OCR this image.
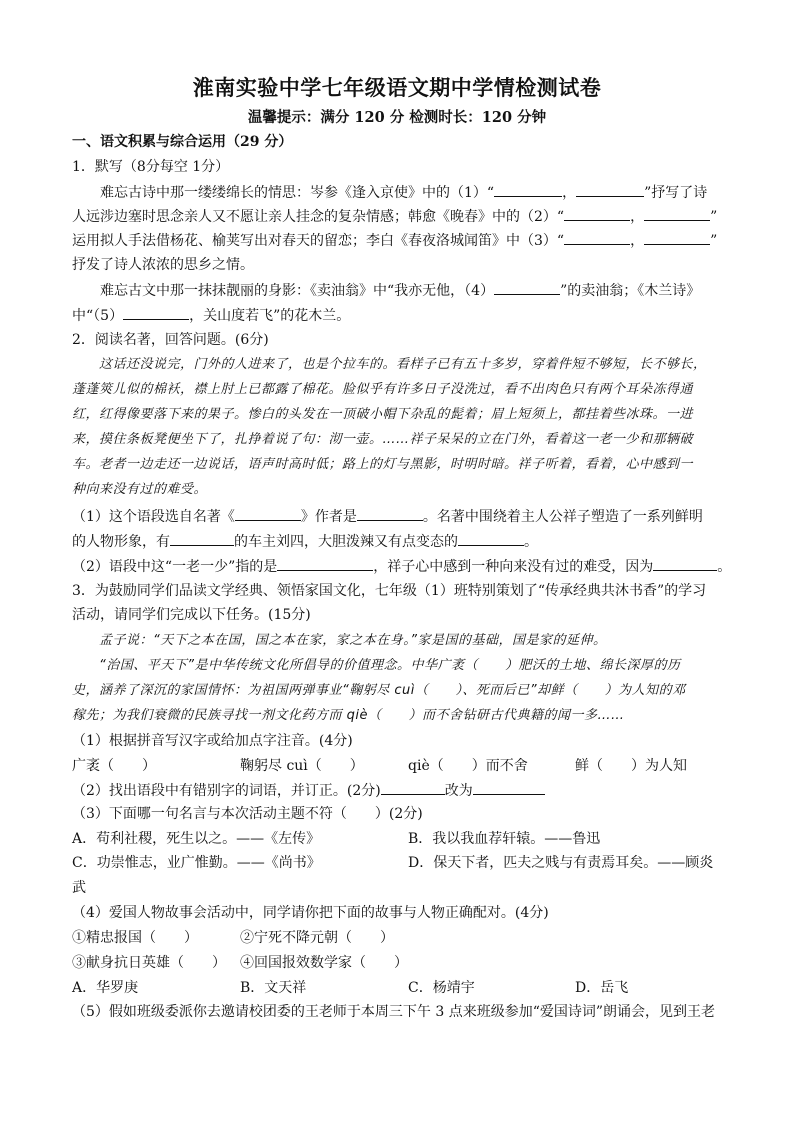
淮南实验中学七年级语文期中学情检测试卷
温馨提示：满分 120 分 检测时长：120 分钟
一、语文积累与综合运用（29 分）
1．默写（8分每空 1分）
　　难忘古诗中那一缕缕绵长的情思：岑参《逢入京使》中的（1）“	，	”抒写了诗
人远涉边塞时思念亲人又不愿让亲人挂念的复杂情感；韩愈《晚春》中的（2）“	，	”
运用拟人手法借杨花、榆荚写出对春天的留恋；李白《春夜洛城闻笛》中（3）“	，	”
抒发了诗人浓浓的思乡之情。
　　难忘古文中那一抹抹靓丽的身影：《卖油翁》中“我亦无他，（4）	”的卖油翁；《木兰诗》
中“（5）	，关山度若飞”的花木兰。
2．阅读名著，回答问题。(6分)
　　这话还没说完，门外的人进来了，也是个拉车的。看样子已有五十多岁，穿着件短不够短，长不够长，
蓬蓬筴儿似的棉袄，襟上肘上已都露了棉花。脸似乎有许多日子没洗过，看不出肉色只有两个耳朵冻得通
红，红得像要落下来的果子。惨白的头发在一顶破小帽下杂乱的髭着；眉上短须上，都挂着些冰珠。一进
来，摸住条板凳便坐下了，扎挣着说了句：沏一壶。……祥子呆呆的立在门外，看着这一老一少和那辆破
车。老者一边走还一边说话，语声时高时低；路上的灯与黑影，时明时暗。祥子听着，看着，心中感到一
种向来没有过的难受。
（1）这个语段选自名著《	》作者是	。名著中围绕着主人公祥子塑造了一系列鲜明
的人物形象，有	的车主刘四，大胆泼辣又有点变态的	。
（2）语段中这“一老一少”指的是	，祥子心中感到一种向来没有过的难受，因为	。
3．为鼓励同学们品读文学经典、领悟家国文化，七年级（1）班特别策划了“传承经典共沐书香”的学习
活动，请同学们完成以下任务。(15分)
　　孟子说：“天下之本在国，国之本在家，家之本在身。”家是国的基础，国是家的延伸。
　　“治国、平天下”是中华传统文化所倡导的价值理念。中华广袤（　　）肥沃的土地、绵长深厚的历
史，涵养了深沉的家国情怀：为祖国两弹事业“鞠躬尽 cuì（　　）、死而后已”却鲜（　　）为人知的邓
稼先；为我们衰微的民族寻找一剂文化药方而 qiè（　　）而不舍钻研古代典籍的闻一多……
（1）根据拼音写汉字或给加点字注音。(4分)
广袤（　　）	鞠躬尽 cuì（　　）	qiè（　　）而不舍	鲜（　　）为人知
（2）找出语段中有错别字的词语，并订正。(2分)	改为
（3）下面哪一句名言与本次活动主题不符（　　）(2分)
A．苟利社稷，死生以之。——《左传》	B．我以我血荐轩辕。——鲁迅
C．功崇惟志，业广惟勤。——《尚书》	D．保天下者，匹夫之贱与有责焉耳矣。——顾炎
武
（4）爱国人物故事会活动中，同学请你把下面的故事与人物正确配对。(4分)
①精忠报国（　　）	②宁死不降元朝（　　）
③献身抗日英雄（　　） ④回国报效数学家（　　）
A．华罗庚	B．文天祥	C．杨靖宇	D．岳飞
（5）假如班级委派你去邀请校团委的王老师于本周三下午 3 点来班级参加“爱国诗词”朗诵会，见到王老
